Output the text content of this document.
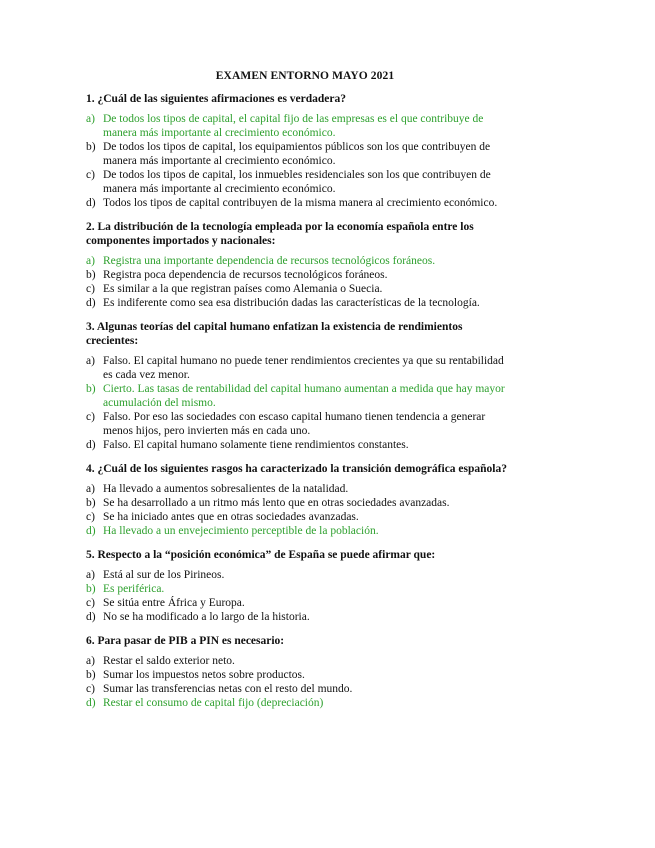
EXAMEN ENTORNO MAYO 2021
1. ¿Cuál de las siguientes afirmaciones es verdadera?
a) De todos los tipos de capital, el capital fijo de las empresas es el que contribuye de manera más importante al crecimiento económico.
b) De todos los tipos de capital, los equipamientos públicos son los que contribuyen de manera más importante al crecimiento económico.
c) De todos los tipos de capital, los inmuebles residenciales son los que contribuyen de manera más importante al crecimiento económico.
d) Todos los tipos de capital contribuyen de la misma manera al crecimiento económico.
2. La distribución de la tecnología empleada por la economía española entre los componentes importados y nacionales:
a) Registra una importante dependencia de recursos tecnológicos foráneos.
b) Registra poca dependencia de recursos tecnológicos foráneos.
c) Es similar a la que registran países como Alemania o Suecia.
d) Es indiferente como sea esa distribución dadas las características de la tecnología.
3. Algunas teorías del capital humano enfatizan la existencia de rendimientos crecientes:
a) Falso. El capital humano no puede tener rendimientos crecientes ya que su rentabilidad es cada vez menor.
b) Cierto. Las tasas de rentabilidad del capital humano aumentan a medida que hay mayor acumulación del mismo.
c) Falso. Por eso las sociedades con escaso capital humano tienen tendencia a generar menos hijos, pero invierten más en cada uno.
d) Falso. El capital humano solamente tiene rendimientos constantes.
4. ¿Cuál de los siguientes rasgos ha caracterizado la transición demográfica española?
a) Ha llevado a aumentos sobresalientes de la natalidad.
b) Se ha desarrollado a un ritmo más lento que en otras sociedades avanzadas.
c) Se ha iniciado antes que en otras sociedades avanzadas.
d) Ha llevado a un envejecimiento perceptible de la población.
5. Respecto a la “posición económica” de España se puede afirmar que:
a) Está al sur de los Pirineos.
b) Es periférica.
c) Se sitúa entre África y Europa.
d) No se ha modificado a lo largo de la historia.
6. Para pasar de PIB a PIN es necesario:
a) Restar el saldo exterior neto.
b) Sumar los impuestos netos sobre productos.
c) Sumar las transferencias netas con el resto del mundo.
d) Restar el consumo de capital fijo (depreciación)
